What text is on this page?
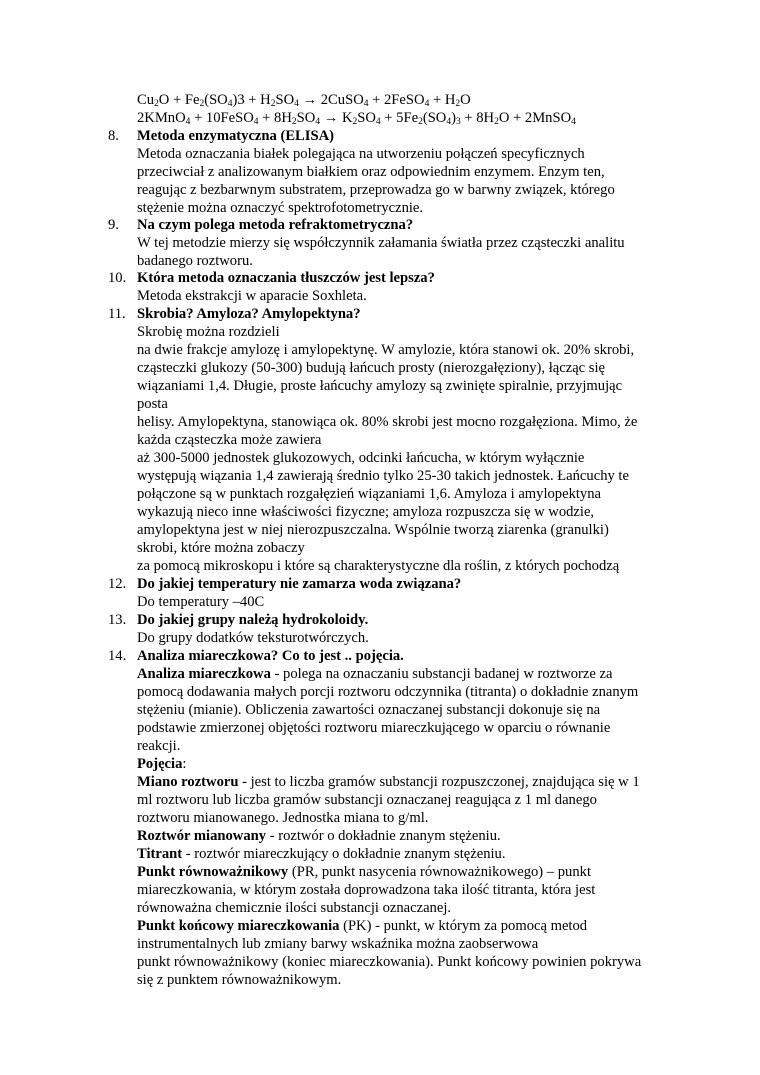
$Cu_2O + Fe_2(SO_4)3 + H_2SO_4$ → 2CuSO$_4$ + 2FeSO$_4$ + $H_2O$
2KMnO$_4$ + 10FeSO$_4$ + $8H_2SO_4 \to K_2SO_4 + 5Fe_2(SO_4)_3 + 8H_2O$ + 2MnSO$_4$
8. Metoda enzymatyczna (ELISA)
Metoda oznaczania białek polegająca na utworzeniu połączeń specyficznych
przeciwciał z analizowanym białkiem oraz odpowiednim enzymem. Enzym ten,
reagując z bezbarwnym substratem, przeprowadza go w barwny związek, którego
stężenie można oznaczyć spektrofotometrycznie.
9. Na czym polega metoda refraktometryczna?
W tej metodzie mierzy się współczynnik załamania światła przez cząsteczki analitu
badanego roztworu.
10. Która metoda oznaczania tłuszczów jest lepsza?
Metoda ekstrakcji w aparacie Soxhleta.
11. Skrobia? Amyloza? Amylopektyna?
Skrobię można rozdzieli
na dwie frakcje amylozę i amylopektynę. W amylozie, która stanowi ok. 20% skrobi,
cząsteczki glukozy (50-300) budują łańcuch prosty (nierozgałęziony), łącząc się
wiązaniami 1,4. Długie, proste łańcuchy amylozy są zwinięte spiralnie, przyjmując
posta
helisy. Amylopektyna, stanowiąca ok. 80% skrobi jest mocno rozgałęziona. Mimo, że
każda cząsteczka może zawiera
aż 300-5000 jednostek glukozowych, odcinki łańcucha, w którym wyłącznie
występują wiązania 1,4 zawierają średnio tylko 25-30 takich jednostek. Łańcuchy te
połączone są w punktach rozgałęzień wiązaniami 1,6. Amyloza i amylopektyna
wykazują nieco inne właściwości fizyczne; amyloza rozpuszcza się w wodzie,
amylopektyna jest w niej nierozpuszczalna. Wspólnie tworzą ziarenka (granulki)
skrobi, które można zobaczy
za pomocą mikroskopu i które są charakterystyczne dla roślin, z których pochodzą
12. Do jakiej temperatury nie zamarza woda związana?
Do temperatury –40C
13. Do jakiej grupy należą hydrokoloidy.
Do grupy dodatków teksturotwórczych.
14. Analiza miareczkowa? Co to jest .. pojęcia.
Analiza miareczkowa - polega na oznaczaniu substancji badanej w roztworze za
pomocą dodawania małych porcji roztworu odczynnika (titranta) o dokładnie znanym
stężeniu (mianie). Obliczenia zawartości oznaczanej substancji dokonuje się na
podstawie zmierzonej objętości roztworu miareczkującego w oparciu o równanie
reakcji.
Pojęcia:
Miano roztworu - jest to liczba gramów substancji rozpuszczonej, znajdująca się w 1
ml roztworu lub liczba gramów substancji oznaczanej reagująca z 1 ml danego
roztworu mianowanego. Jednostka miana to g/ml.
Roztwór mianowany - roztwór o dokładnie znanym stężeniu.
Titrant - roztwór miareczkujący o dokładnie znanym stężeniu.
Punkt równoważnikowy (PR, punkt nasycenia równoważnikowego) – punkt
miareczkowania, w którym została doprowadzona taka ilość titranta, która jest
równoważna chemicznie ilości substancji oznaczanej.
Punkt końcowy miareczkowania (PK) - punkt, w którym za pomocą metod
instrumentalnych lub zmiany barwy wskaźnika można zaobserwowa
punkt równoważnikowy (koniec miareczkowania). Punkt końcowy powinien pokrywa
się z punktem równoważnikowym.
